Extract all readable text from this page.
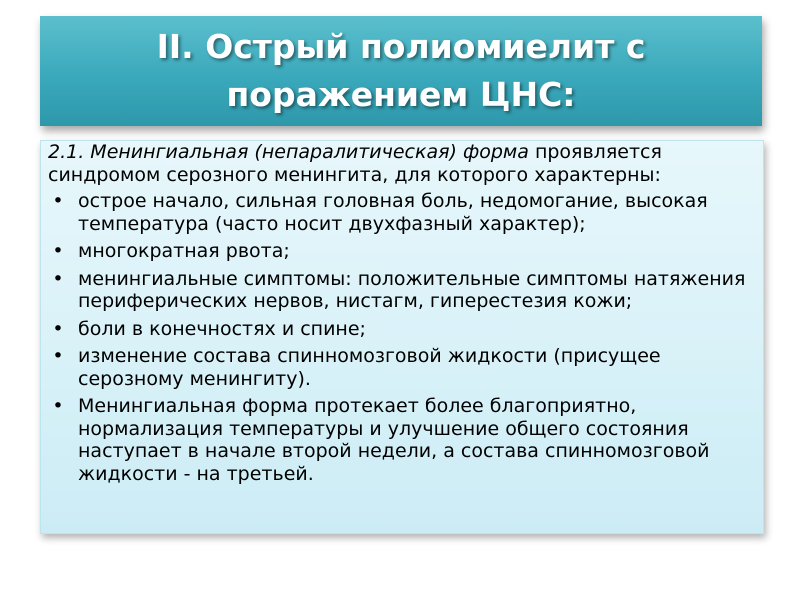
II. Острый полиомиелит с поражением ЦНС:

2.1. Менингиальная (непаралитическая) форма проявляется синдромом серозного менингита, для которого характерны:

• острое начало, сильная головная боль, недомогание, высокая температура (часто носит двухфазный характер);
• многократная рвота;
• менингиальные симптомы: положительные симптомы натяжения периферических нервов, нистагм, гиперестезия кожи;
• боли в конечностях и спине;
• изменение состава спинномозговой жидкости (присущее серозному менингиту).
• Менингиальная форма протекает более благоприятно, нормализация температуры и улучшение общего состояния наступает в начале второй недели, а состава спинномозговой жидкости - на третьей.
